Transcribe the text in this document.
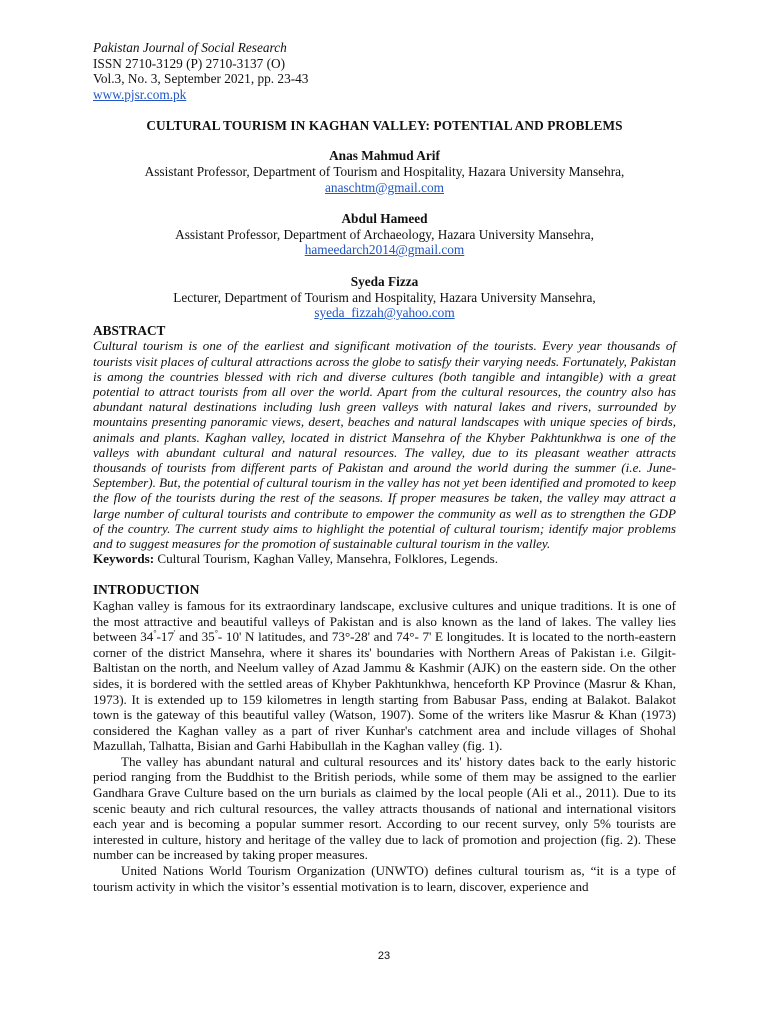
Pakistan Journal of Social Research
ISSN 2710-3129 (P) 2710-3137 (O)
Vol.3, No. 3, September 2021, pp. 23-43
www.pjsr.com.pk
CULTURAL TOURISM IN KAGHAN VALLEY: POTENTIAL AND PROBLEMS
Anas Mahmud Arif
Assistant Professor, Department of Tourism and Hospitality, Hazara University Mansehra,
anaschtm@gmail.com
Abdul Hameed
Assistant Professor, Department of Archaeology, Hazara University Mansehra,
hameedarch2014@gmail.com
Syeda Fizza
Lecturer, Department of Tourism and Hospitality, Hazara University Mansehra,
syeda_fizzah@yahoo.com
ABSTRACT

Cultural tourism is one of the earliest and significant motivation of the tourists. Every year thousands of tourists visit places of cultural attractions across the globe to satisfy their varying needs. Fortunately, Pakistan is among the countries blessed with rich and diverse cultures (both tangible and intangible) with a great potential to attract tourists from all over the world. Apart from the cultural resources, the country also has abundant natural destinations including lush green valleys with natural lakes and rivers, surrounded by mountains presenting panoramic views, desert, beaches and natural landscapes with unique species of birds, animals and plants. Kaghan valley, located in district Mansehra of the Khyber Pakhtunkhwa is one of the valleys with abundant cultural and natural resources. The valley, due to its pleasant weather attracts thousands of tourists from different parts of Pakistan and around the world during the summer (i.e. June-September). But, the potential of cultural tourism in the valley has not yet been identified and promoted to keep the flow of the tourists during the rest of the seasons. If proper measures be taken, the valley may attract a large number of cultural tourists and contribute to empower the community as well as to strengthen the GDP of the country. The current study aims to highlight the potential of cultural tourism; identify major problems and to suggest measures for the promotion of sustainable cultural tourism in the valley.

Keywords: Cultural Tourism, Kaghan Valley, Mansehra, Folklores, Legends.
INTRODUCTION

Kaghan valley is famous for its extraordinary landscape, exclusive cultures and unique traditions. It is one of the most attractive and beautiful valleys of Pakistan and is also known as the land of lakes. The valley lies between 34°-17' and 35°- 10' N latitudes, and 73°-28' and 74°- 7' E longitudes. It is located to the north-eastern corner of the district Mansehra, where it shares its' boundaries with Northern Areas of Pakistan i.e. Gilgit- Baltistan on the north, and Neelum valley of Azad Jammu & Kashmir (AJK) on the eastern side. On the other sides, it is bordered with the settled areas of Khyber Pakhtunkhwa, henceforth KP Province (Masrur & Khan, 1973). It is extended up to 159 kilometres in length starting from Babusar Pass, ending at Balakot. Balakot town is the gateway of this beautiful valley (Watson, 1907). Some of the writers like Masrur & Khan (1973) considered the Kaghan valley as a part of river Kunhar's catchment area and include villages of Shohal Mazullah, Talhatta, Bisian and Garhi Habibullah in the Kaghan valley (fig. 1).

The valley has abundant natural and cultural resources and its' history dates back to the early historic period ranging from the Buddhist to the British periods, while some of them may be assigned to the earlier Gandhara Grave Culture based on the urn burials as claimed by the local people (Ali et al., 2011). Due to its scenic beauty and rich cultural resources, the valley attracts thousands of national and international visitors each year and is becoming a popular summer resort. According to our recent survey, only 5% tourists are interested in culture, history and heritage of the valley due to lack of promotion and projection (fig. 2). These number can be increased by taking proper measures.

United Nations World Tourism Organization (UNWTO) defines cultural tourism as, “it is a type of tourism activity in which the visitor’s essential motivation is to learn, discover, experience and

23
